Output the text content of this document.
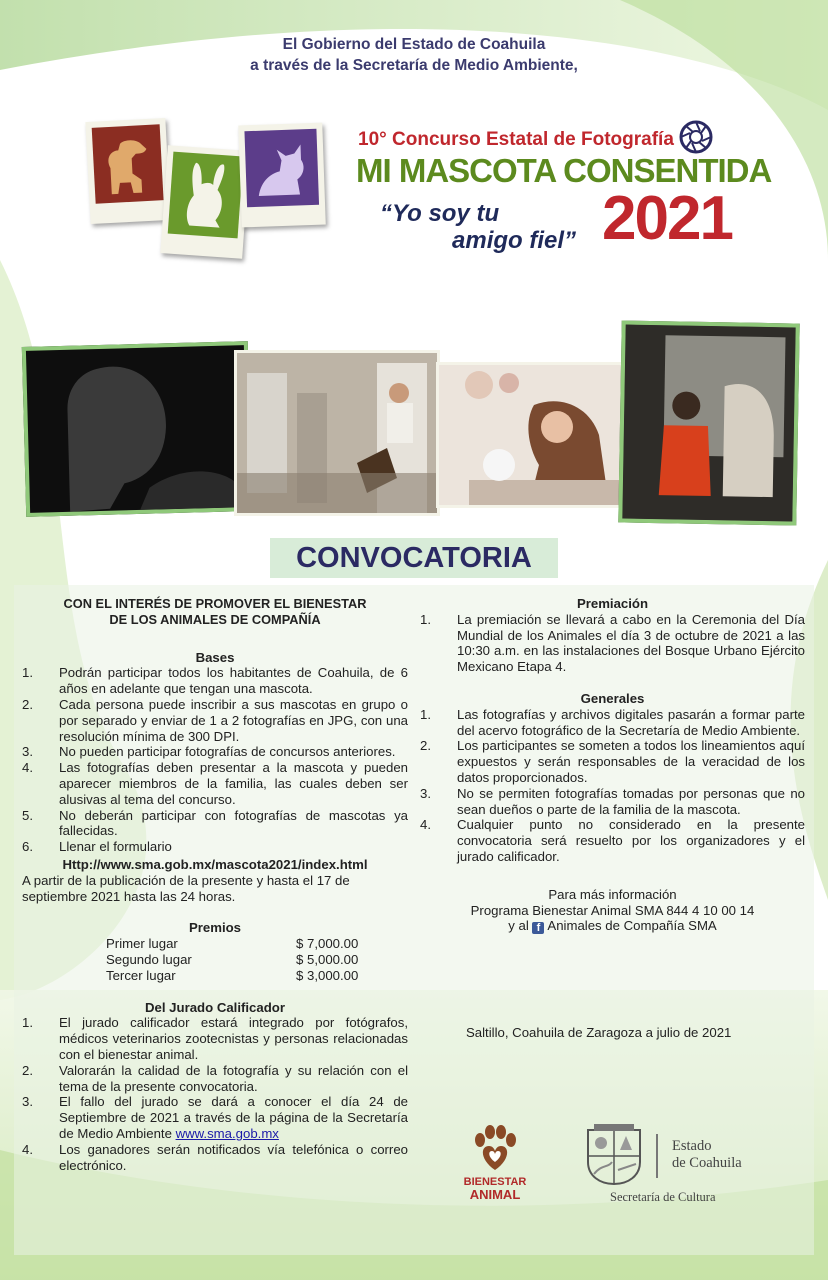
El Gobierno del Estado de Coahuila
a través de la Secretaría de Medio Ambiente,
10° Concurso Estatal de Fotografía
MI MASCOTA CONSENTIDA
“Yo soy tu
amigo fiel” 2021
CONVOCATORIA
CON EL INTERÉS DE PROMOVER EL BIENESTAR
DE LOS ANIMALES DE COMPAÑÍA
Bases
1. Podrán participar todos los habitantes de Coahuila, de 6 años en adelante que tengan una mascota.
2. Cada persona puede inscribir a sus mascotas en grupo o por separado y enviar de 1 a 2 fotografías en JPG, con una resolución mínima de 300 DPI.
3. No pueden participar fotografías de concursos anteriores.
4. Las fotografías deben presentar a la mascota y pueden aparecer miembros de la familia, las cuales deben ser alusivas al tema del concurso.
5. No deberán participar con fotografías de mascotas ya fallecidas.
6. Llenar el formulario
Http://www.sma.gob.mx/mascota2021/index.html
A partir de la publicación de la presente y hasta el 17 de septiembre 2021 hasta las 24 horas.
Premios
Primer lugar	$ 7,000.00
Segundo lugar	$ 5,000.00
Tercer lugar	$ 3,000.00
Del Jurado Calificador
1. El jurado calificador estará integrado por fotógrafos, médicos veterinarios zootecnistas y personas relacionadas con el bienestar animal.
2. Valorarán la calidad de la fotografía y su relación con el tema de la presente convocatoria.
3. El fallo del jurado se dará a conocer el día 24 de Septiembre de 2021 a través de la página de la Secretaría de Medio Ambiente www.sma.gob.mx
4. Los ganadores serán notificados vía telefónica o correo electrónico.
Premiación
1. La premiación se llevará a cabo en la Ceremonia del Día Mundial de los Animales el día 3 de octubre de 2021 a las 10:30 a.m. en las instalaciones del Bosque Urbano Ejército Mexicano Etapa 4.
Generales
1. Las fotografías y archivos digitales pasarán a formar parte del acervo fotográfico de la Secretaría de Medio Ambiente.
2. Los participantes se someten a todos los lineamientos aquí expuestos y serán responsables de la veracidad de los datos proporcionados.
3. No se permiten fotografías tomadas por personas que no sean dueños o parte de la familia de la mascota.
4. Cualquier punto no considerado en la presente convocatoria será resuelto por los organizadores y el jurado calificador.
Para más información
Programa Bienestar Animal SMA 844 4 10 00 14
y al f Animales de Compañía SMA
Saltillo, Coahuila de Zaragoza a julio de 2021
BIENESTAR
ANIMAL
Estado
de Coahuila
Secretaría de Cultura
